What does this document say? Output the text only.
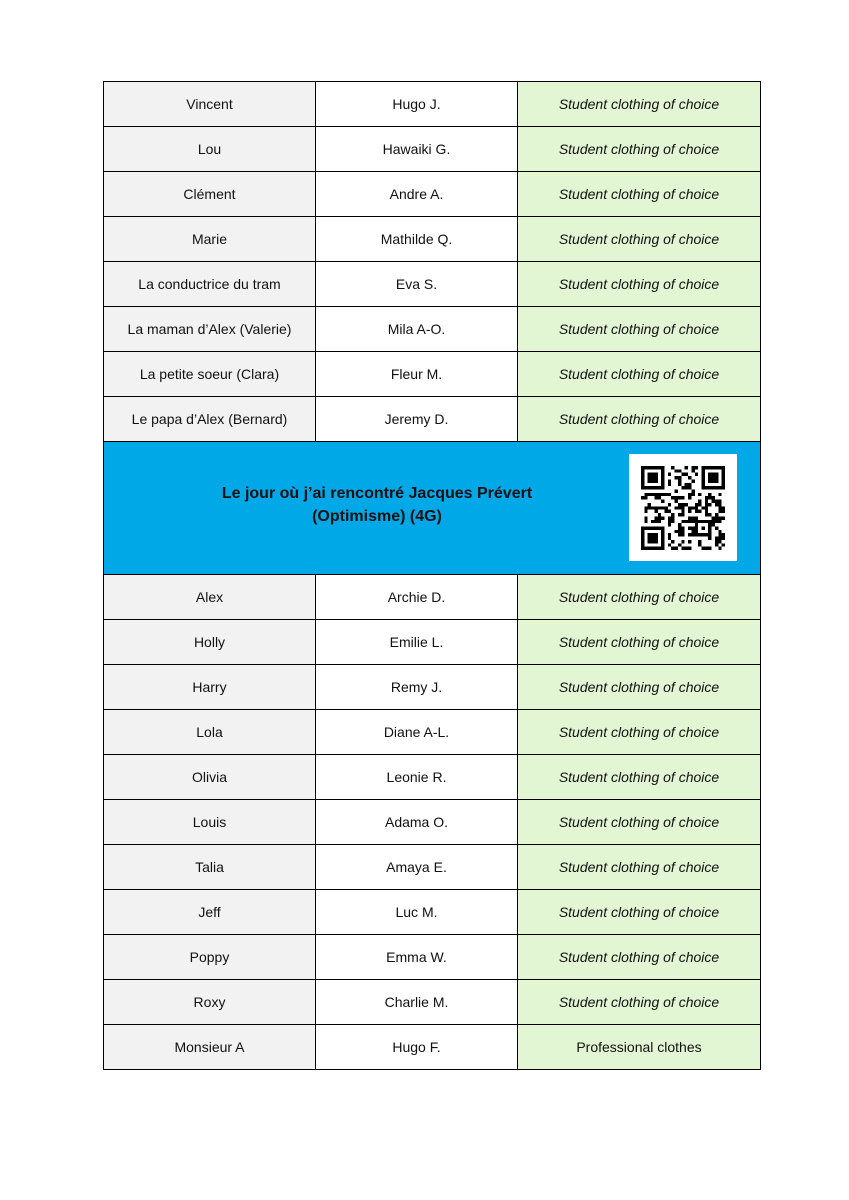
Vincent	Hugo J.	Student clothing of choice
Lou	Hawaiki G.	Student clothing of choice
Clément	Andre A.	Student clothing of choice
Marie	Mathilde Q.	Student clothing of choice
La conductrice du tram	Eva S.	Student clothing of choice
La maman d’Alex (Valerie)	Mila A-O.	Student clothing of choice
La petite soeur (Clara)	Fleur M.	Student clothing of choice
Le papa d’Alex (Bernard)	Jeremy D.	Student clothing of choice
Le jour où j’ai rencontré Jacques Prévert
(Optimisme) (4G)
Alex	Archie D.	Student clothing of choice
Holly	Emilie L.	Student clothing of choice
Harry	Remy J.	Student clothing of choice
Lola	Diane A-L.	Student clothing of choice
Olivia	Leonie R.	Student clothing of choice
Louis	Adama O.	Student clothing of choice
Talia	Amaya E.	Student clothing of choice
Jeff	Luc M.	Student clothing of choice
Poppy	Emma W.	Student clothing of choice
Roxy	Charlie M.	Student clothing of choice
Monsieur A	Hugo F.	Professional clothes
